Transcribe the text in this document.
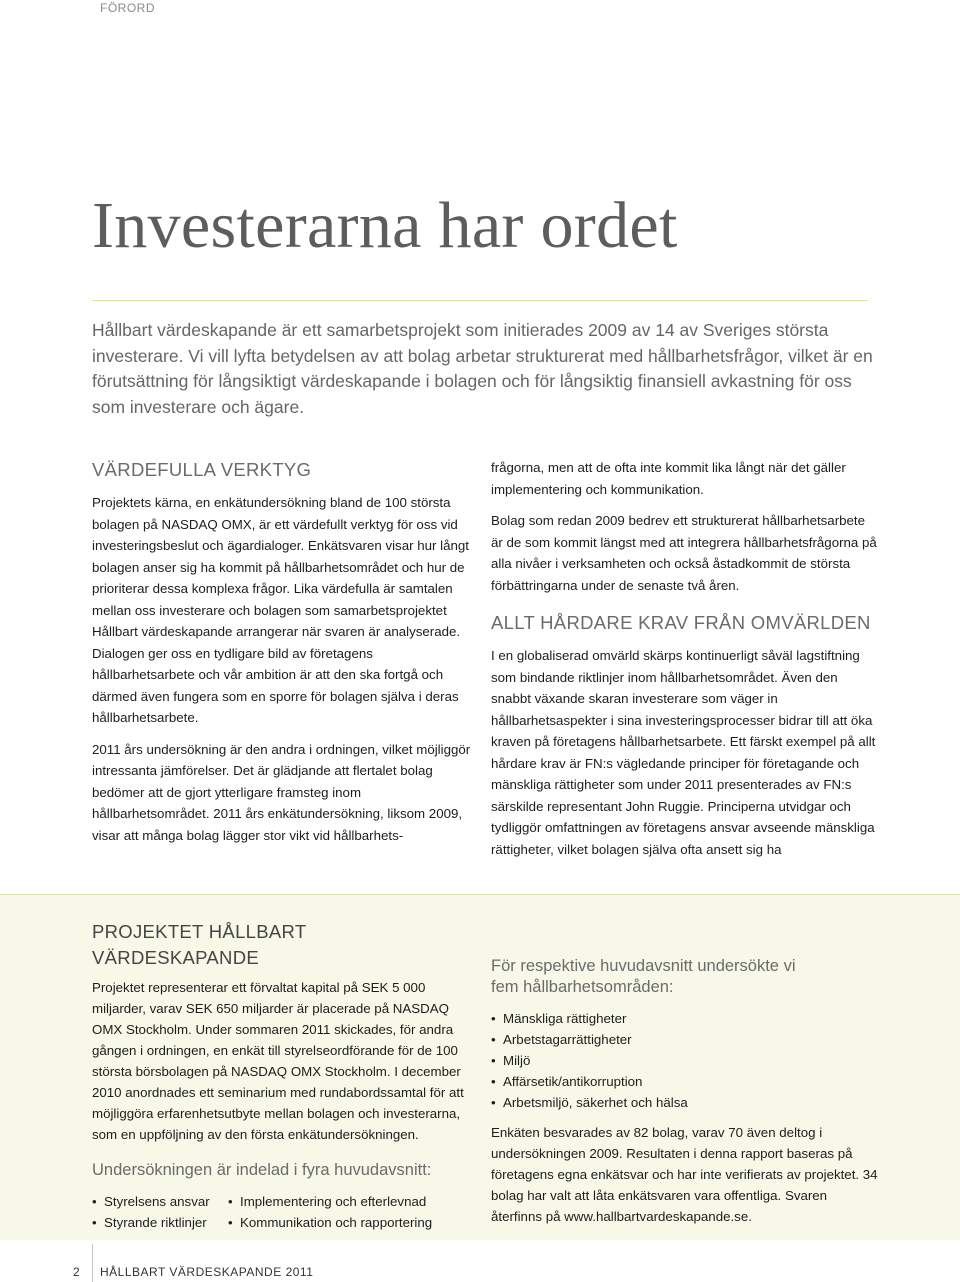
FÖRORD
Investerarna har ordet

Hållbart värdeskapande är ett samarbetsprojekt som initierades 2009 av 14 av Sveriges största investerare. Vi vill lyfta betydelsen av att bolag arbetar strukturerat med hållbarhetsfrågor, vilket är en förutsättning för långsiktigt värdeskapande i bolagen och för långsiktig finansiell avkastning för oss som investerare och ägare.

VÄRDEFULLA VERKTYG

Projektets kärna, en enkätundersökning bland de 100 största bolagen på NASDAQ OMX, är ett värdefullt verktyg för oss vid investeringsbeslut och ägardialoger. Enkätsvaren visar hur långt bolagen anser sig ha kommit på hållbarhetsområdet och hur de prioriterar dessa komplexa frågor. Lika värdefulla är samtalen mellan oss investerare och bolagen som samarbetsprojektet Hållbart värdeskapande arrangerar när svaren är analyserade. Dialogen ger oss en tydligare bild av företagens hållbarhetsarbete och vår ambition är att den ska fortgå och därmed även fungera som en sporre för bolagen själva i deras hållbarhetsarbete.

2011 års undersökning är den andra i ordningen, vilket möjliggör intressanta jämförelser. Det är glädjande att flertalet bolag bedömer att de gjort ytterligare framsteg inom hållbarhetsområdet. 2011 års enkätundersökning, liksom 2009, visar att många bolag lägger stor vikt vid hållbarhets-

frågorna, men att de ofta inte kommit lika långt när det gäller implementering och kommunikation.

Bolag som redan 2009 bedrev ett strukturerat hållbarhetsarbete är de som kommit längst med att integrera hållbarhetsfrågorna på alla nivåer i verksamheten och också åstadkommit de största förbättringarna under de senaste två åren.

ALLT HÅRDARE KRAV FRÅN OMVÄRLDEN

I en globaliserad omvärld skärps kontinuerligt såväl lagstiftning som bindande riktlinjer inom hållbarhetsområdet. Även den snabbt växande skaran investerare som väger in hållbarhetsaspekter i sina investeringsprocesser bidrar till att öka kraven på företagens hållbarhetsarbete. Ett färskt exempel på allt hårdare krav är FN:s vägledande principer för företagande och mänskliga rättigheter som under 2011 presenterades av FN:s särskilde representant John Ruggie. Principerna utvidgar och tydliggör omfattningen av företagens ansvar avseende mänskliga rättigheter, vilket bolagen själva ofta ansett sig ha

PROJEKTET HÅLLBART VÄRDESKAPANDE

Projektet representerar ett förvaltat kapital på SEK 5 000 miljarder, varav SEK 650 miljarder är placerade på NASDAQ OMX Stockholm. Under sommaren 2011 skickades, för andra gången i ordningen, en enkät till styrelseordförande för de 100 största börsbolagen på NASDAQ OMX Stockholm. I december 2010 anordnades ett seminarium med rundabordssamtal för att möjliggöra erfarenhetsutbyte mellan bolagen och investerarna, som en uppföljning av den första enkätundersökningen.

Undersökningen är indelad i fyra huvudavsnitt:

• Styrelsens ansvar
• Styrande riktlinjer
• Implementering och efterlevnad
• Kommunikation och rapportering

För respektive huvudavsnitt undersökte vi fem hållbarhetsområden:

• Mänskliga rättigheter
• Arbetstagarrättigheter
• Miljö
• Affärsetik/antikorruption
• Arbetsmiljö, säkerhet och hälsa

Enkäten besvarades av 82 bolag, varav 70 även deltog i undersökningen 2009. Resultaten i denna rapport baseras på företagens egna enkätsvar och har inte verifierats av projektet. 34 bolag har valt att låta enkätsvaren vara offentliga. Svaren återfinns på www.hallbartvardeskapande.se.

2 HÅLLBART VÄRDESKAPANDE 2011
